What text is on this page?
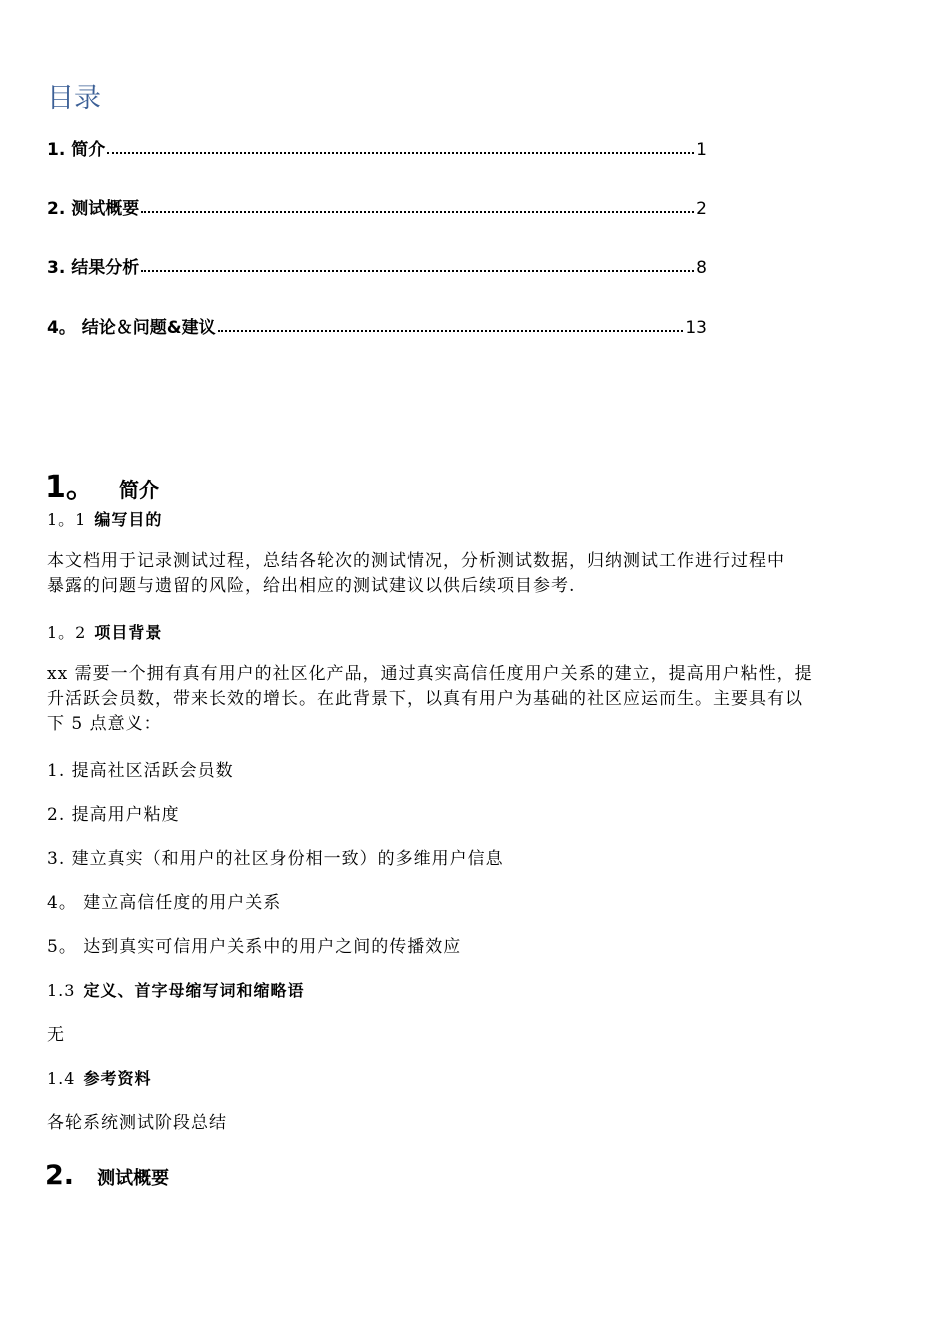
目录
1. 简介	1
2. 测试概要	2
3. 结果分析	8
4。 结论＆问题&建议	13
1。 简介
1。1 编写目的

本文档用于记录测试过程，总结各轮次的测试情况，分析测试数据，归纳测试工作进行过程中

暴露的问题与遗留的风险，给出相应的测试建议以供后续项目参考.

1。2 项目背景

xx 需要一个拥有真有用户的社区化产品，通过真实高信任度用户关系的建立，提高用户粘性，提

升活跃会员数，带来长效的增长。在此背景下，以真有用户为基础的社区应运而生。主要具有以

下 5 点意义：

1. 提高社区活跃会员数
2. 提高用户粘度
3. 建立真实（和用户的社区身份相一致）的多维用户信息
4。 建立高信任度的用户关系
5。 达到真实可信用户关系中的用户之间的传播效应
1.3 定义、首字母缩写词和缩略语
无
1.4 参考资料
各轮系统测试阶段总结
2. 测试概要
